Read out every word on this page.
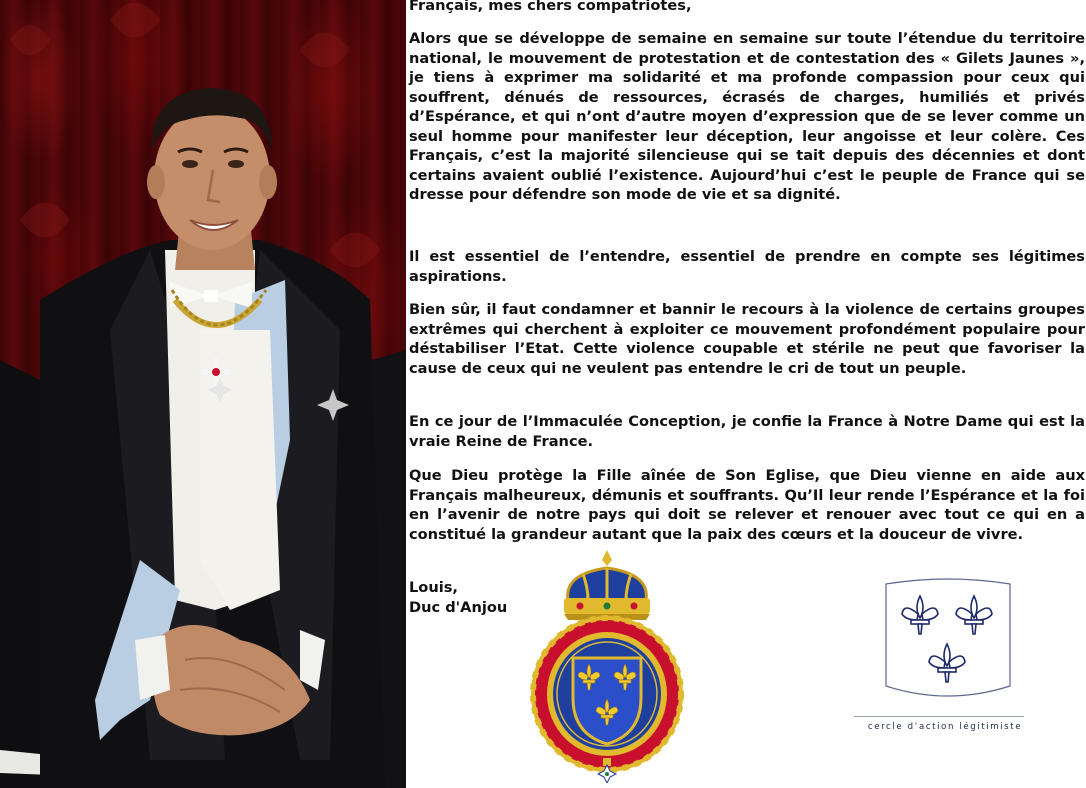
Français, mes chers compatriotes,

Alors que se développe de semaine en semaine sur toute l’étendue du territoire national, le mouvement de protestation et de contestation des « Gilets Jaunes », je tiens à exprimer ma solidarité et ma profonde compassion pour ceux qui souffrent, dénués de ressources, écrasés de charges, humiliés et privés d’Espérance, et qui n’ont d’autre moyen d’expression que de se lever comme un seul homme pour manifester leur déception, leur angoisse et leur colère. Ces Français, c’est la majorité silencieuse qui se tait depuis des décennies et dont certains avaient oublié l’existence. Aujourd’hui c’est le peuple de France qui se dresse pour défendre son mode de vie et sa dignité.

Il est essentiel de l’entendre, essentiel de prendre en compte ses légitimes aspirations.

Bien sûr, il faut condamner et bannir le recours à la violence de certains groupes extrêmes qui cherchent à exploiter ce mouvement profondément populaire pour déstabiliser l’Etat. Cette violence coupable et stérile ne peut que favoriser la cause de ceux qui ne veulent pas entendre le cri de tout un peuple.

En ce jour de l’Immaculée Conception, je confie la France à Notre Dame qui est la vraie Reine de France.

Que Dieu protège la Fille aînée de Son Eglise, que Dieu vienne en aide aux Français malheureux, démunis et souffrants. Qu’Il leur rende l’Espérance et la foi en l’avenir de notre pays qui doit se relever et renouer avec tout ce qui en a constitué la grandeur autant que la paix des cœurs et la douceur de vivre.

Louis,
Duc d'Anjou
cercle d’action légitimiste
